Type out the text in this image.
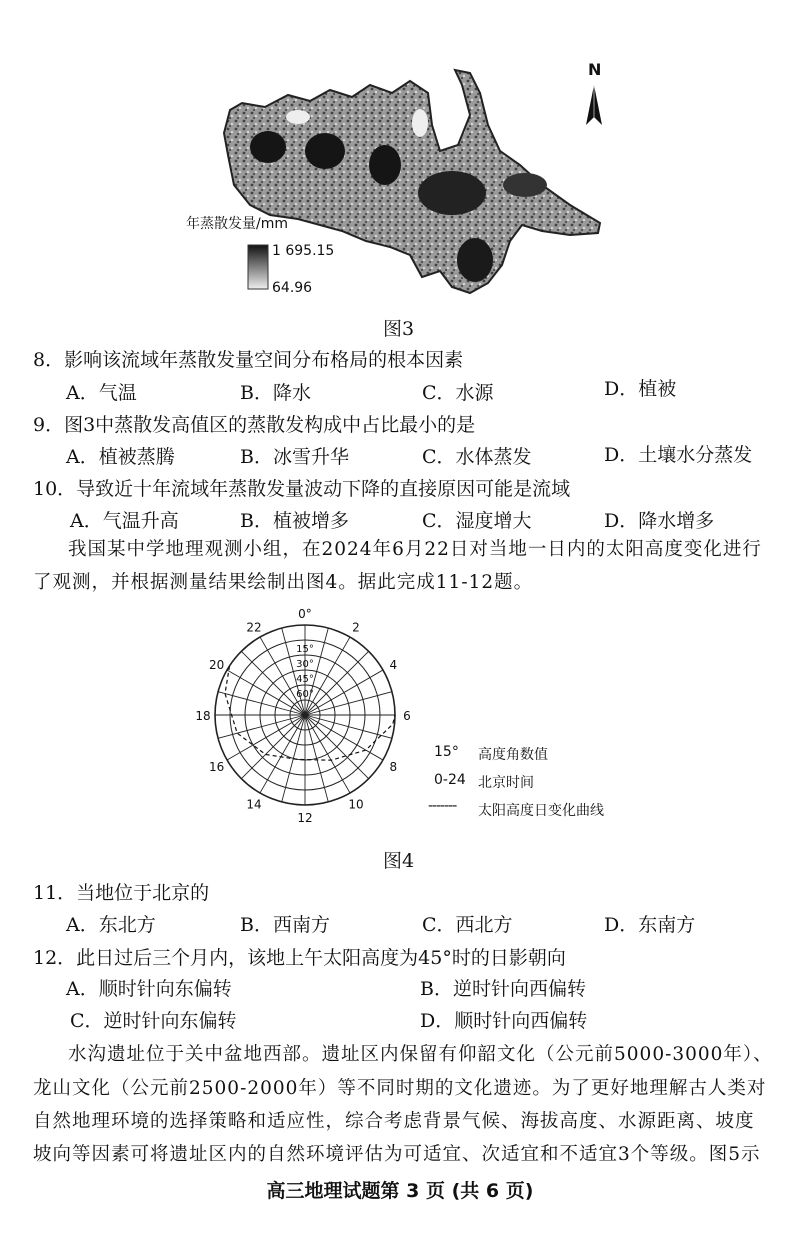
年蒸散发量/mm
1 695.15
64.96
N
图3
8．影响该流域年蒸散发量空间分布格局的根本因素
A．气温	B．降水	C．水源	D．植被
9．图3中蒸散发高值区的蒸散发构成中占比最小的是
A．植被蒸腾	B．冰雪升华	C．水体蒸发	D．土壤水分蒸发
10．导致近十年流域年蒸散发量波动下降的直接原因可能是流域
A．气温升高	B．植被增多	C．湿度增大	D．降水增多
我国某中学地理观测小组，在2024年6月22日对当地一日内的太阳高度变化进行
了观测，并根据测量结果绘制出图4。据此完成11-12题。
0°
2
4
6
8
10
12
14
16
18
20
22
15°
30°
45°
60°
15° 高度角数值
0-24 北京时间
------- 太阳高度日变化曲线
图4
11．当地位于北京的
A．东北方	B．西南方	C．西北方	D．东南方
12．此日过后三个月内，该地上午太阳高度为45°时的日影朝向
A．顺时针向东偏转	B．逆时针向西偏转
C．逆时针向东偏转	D．顺时针向西偏转
水沟遗址位于关中盆地西部。遗址区内保留有仰韶文化（公元前5000-3000年）、
龙山文化（公元前2500-2000年）等不同时期的文化遗迹。为了更好地理解古人类对
自然地理环境的选择策略和适应性，综合考虑背景气候、海拔高度、水源距离、坡度
坡向等因素可将遗址区内的自然环境评估为可适宜、次适宜和不适宜3个等级。图5示
高三地理试题第 3 页 (共 6 页)
